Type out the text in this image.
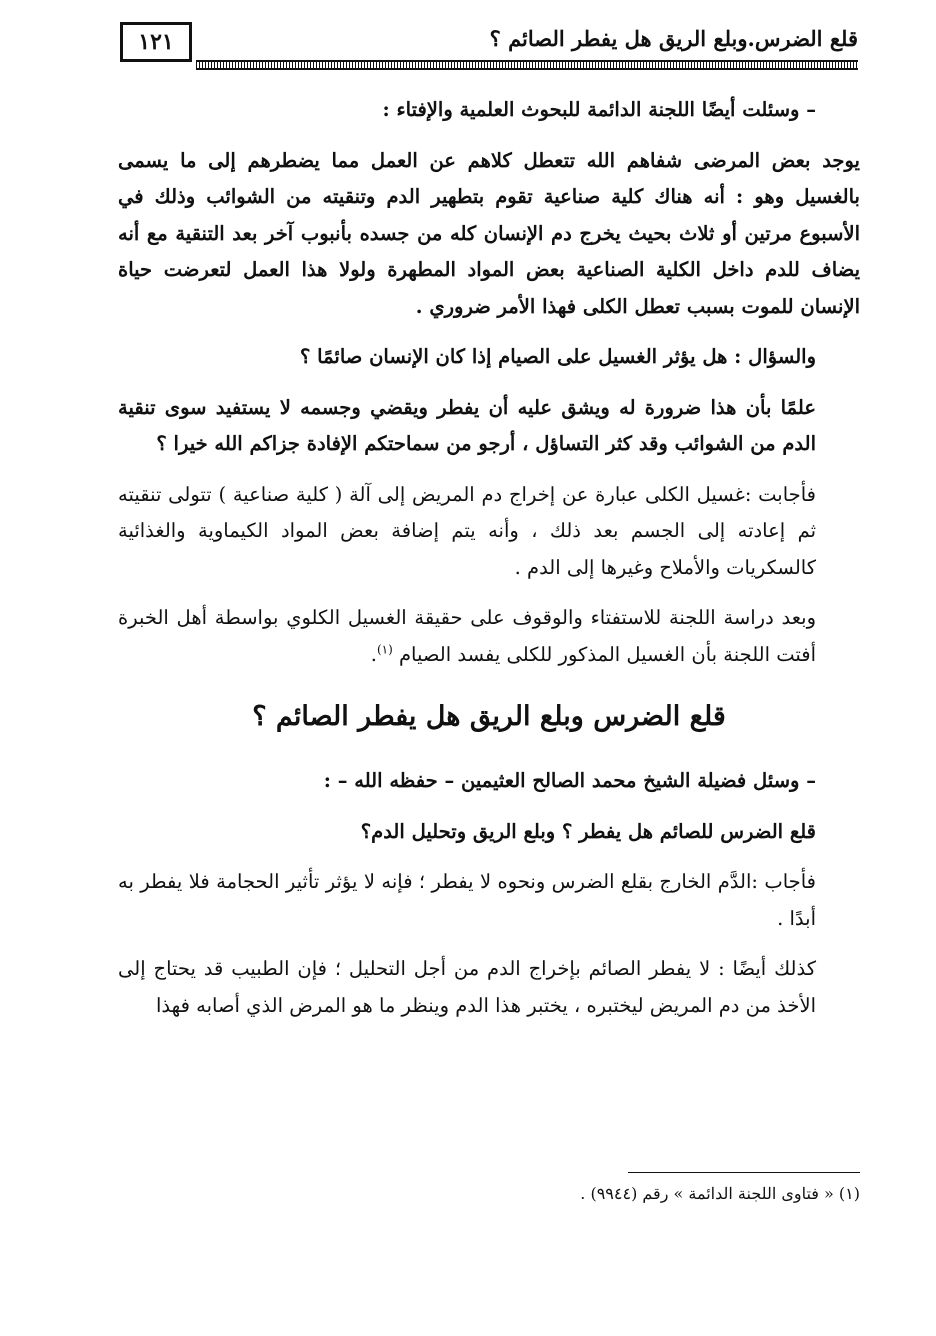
١٢١	قلع الضرس.وبلع الريق هل يفطر الصائم ؟

– وسئلت أيضًا اللجنة الدائمة للبحوث العلمية والإفتاء :

يوجد بعض المرضى شفاهم الله تتعطل كلاهم عن العمل مما يضطرهم إلى ما يسمى بالغسيل وهو : أنه هناك كلية صناعية تقوم بتطهير الدم وتنقيته من الشوائب وذلك في الأسبوع مرتين أو ثلاث بحيث يخرج دم الإنسان كله من جسده بأنبوب آخر بعد التنقية مع أنه يضاف للدم داخل الكلية الصناعية بعض المواد المطهرة ولولا هذا العمل لتعرضت حياة الإنسان للموت بسبب تعطل الكلى فهذا الأمر ضروري .

والسؤال : هل يؤثر الغسيل على الصيام إذا كان الإنسان صائمًا ؟

علمًا بأن هذا ضرورة له ويشق عليه أن يفطر ويقضي وجسمه لا يستفيد سوى تنقية الدم من الشوائب وقد كثر التساؤل ، أرجو من سماحتكم الإفادة جزاكم الله خيرا ؟

فأجابت :غسيل الكلى عبارة عن إخراج دم المريض إلى آلة ( كلية صناعية ) تتولى تنقيته ثم إعادته إلى الجسم بعد ذلك ، وأنه يتم إضافة بعض المواد الكيماوية والغذائية كالسكريات والأملاح وغيرها إلى الدم .

وبعد دراسة اللجنة للاستفتاء والوقوف على حقيقة الغسيل الكلوي بواسطة أهل الخبرة أفتت اللجنة بأن الغسيل المذكور للكلى يفسد الصيام $^{(١)}$.

قلع الضرس وبلع الريق هل يفطر الصائم ؟

– وسئل فضيلة الشيخ محمد الصالح العثيمين – حفظه الله – :

قلع الضرس للصائم هل يفطر ؟ وبلع الريق وتحليل الدم؟

فأجاب :الدَّم الخارج بقلع الضرس ونحوه لا يفطر ؛ فإنه لا يؤثر تأثير الحجامة فلا يفطر به أبدًا .

كذلك أيضًا : لا يفطر الصائم بإخراج الدم من أجل التحليل ؛ فإن الطبيب قد يحتاج إلى الأخذ من دم المريض ليختبره ، يختبر هذا الدم وينظر ما هو المرض الذي أصابه فهذا

(١) « فتاوى اللجنة الدائمة » رقم (٩٩٤٤) .
